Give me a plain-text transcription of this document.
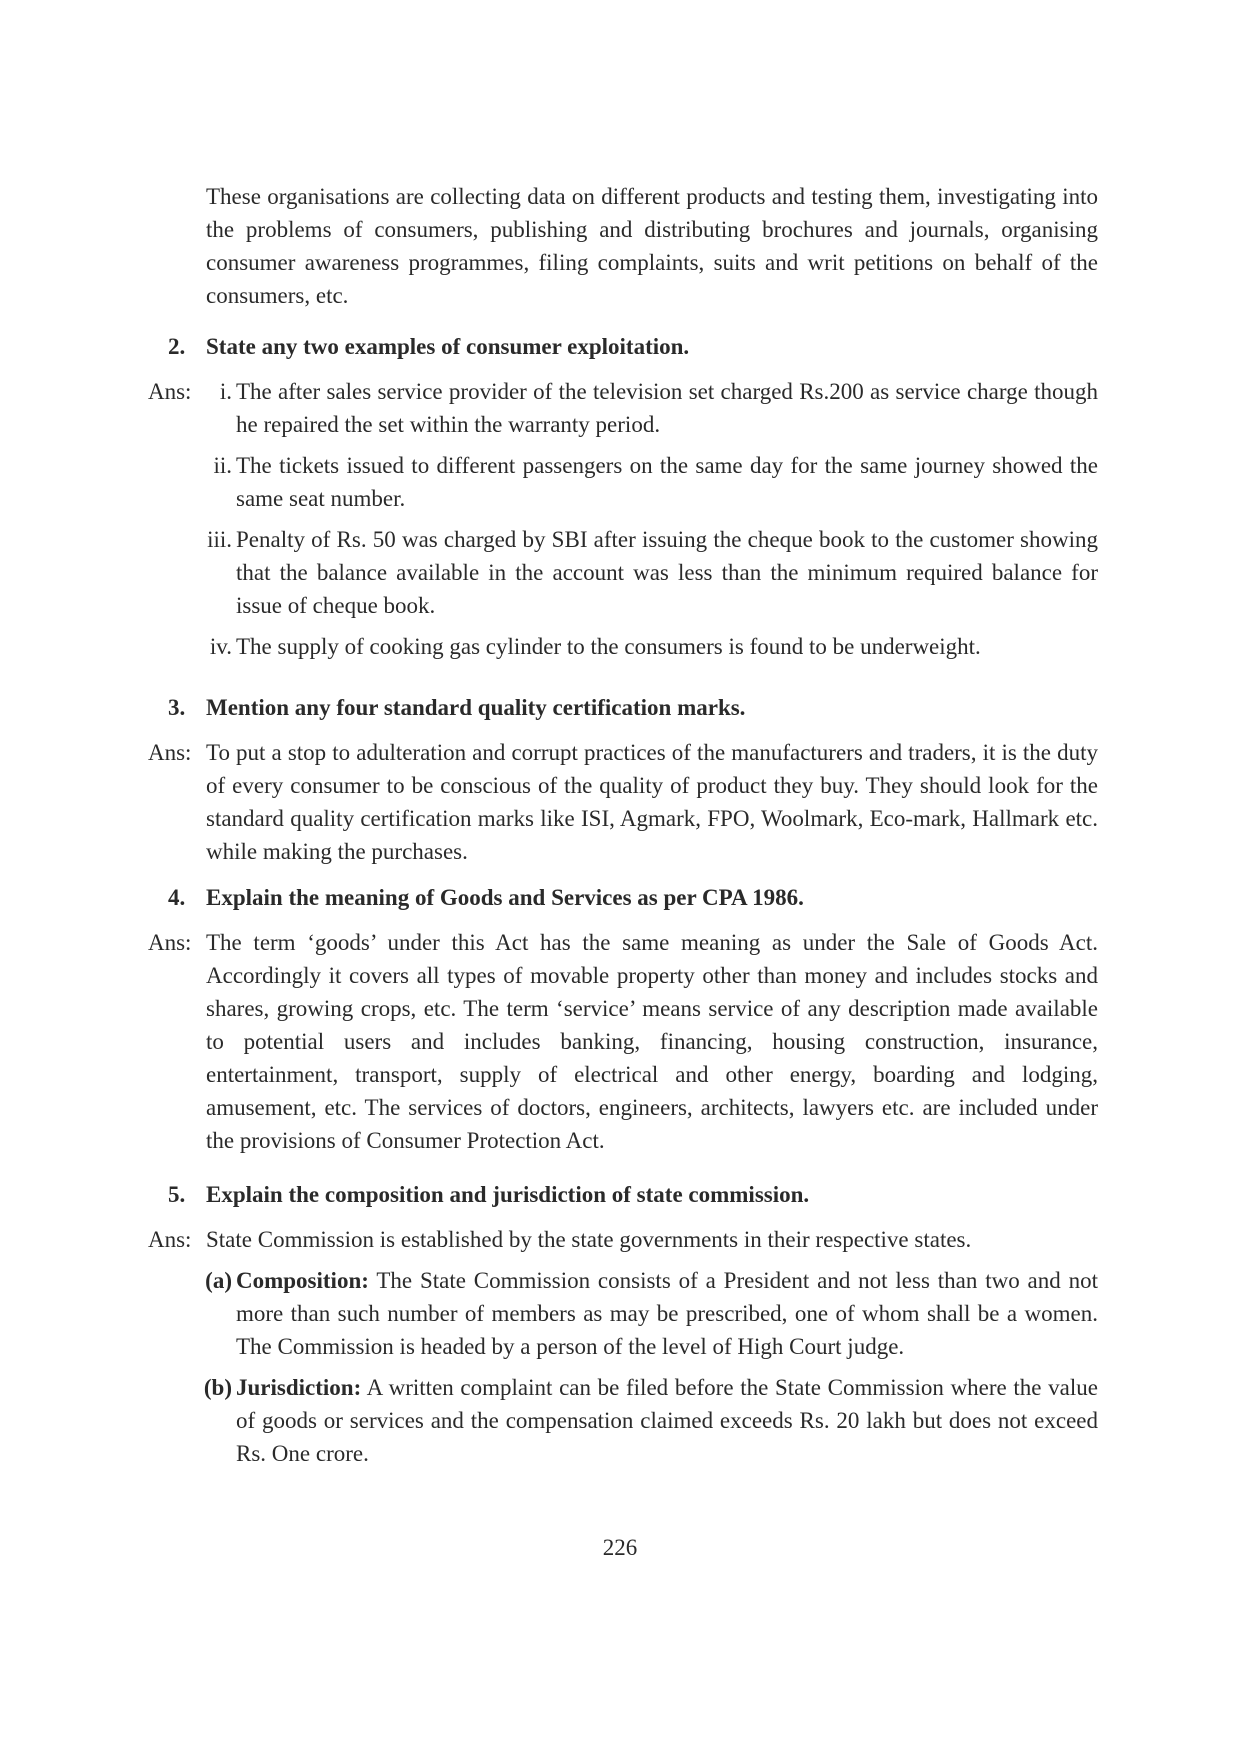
These organisations are collecting data on different products and testing them, investigating into the problems of consumers, publishing and distributing brochures and journals, organising consumer awareness programmes, filing complaints, suits and writ petitions on behalf of the consumers, etc.
2. State any two examples of consumer exploitation.
Ans:	i. The after sales service provider of the television set charged Rs.200 as service charge though he repaired the set within the warranty period.
ii. The tickets issued to different passengers on the same day for the same journey showed the same seat number.
iii. Penalty of Rs. 50 was charged by SBI after issuing the cheque book to the customer showing that the balance available in the account was less than the minimum required balance for issue of cheque book.
iv. The supply of cooking gas cylinder to the consumers is found to be underweight.
3. Mention any four standard quality certification marks.
Ans: To put a stop to adulteration and corrupt practices of the manufacturers and traders, it is the duty of every consumer to be conscious of the quality of product they buy. They should look for the standard quality certification marks like ISI, Agmark, FPO, Woolmark, Eco-mark, Hallmark etc. while making the purchases.
4. Explain the meaning of Goods and Services as per CPA 1986.
Ans: The term ‘goods’ under this Act has the same meaning as under the Sale of Goods Act. Accordingly it covers all types of movable property other than money and includes stocks and shares, growing crops, etc. The term ‘service’ means service of any description made available to potential users and includes banking, financing, housing construction, insurance, entertainment, transport, supply of electrical and other energy, boarding and lodging, amusement, etc. The services of doctors, engineers, architects, lawyers etc. are included under the provisions of Consumer Protection Act.
5. Explain the composition and jurisdiction of state commission.
Ans: State Commission is established by the state governments in their respective states.
(a) Composition: The State Commission consists of a President and not less than two and not more than such number of members as may be prescribed, one of whom shall be a women. The Commission is headed by a person of the level of High Court judge.
(b) Jurisdiction: A written complaint can be filed before the State Commission where the value of goods or services and the compensation claimed exceeds Rs. 20 lakh but does not exceed Rs. One crore.
226
